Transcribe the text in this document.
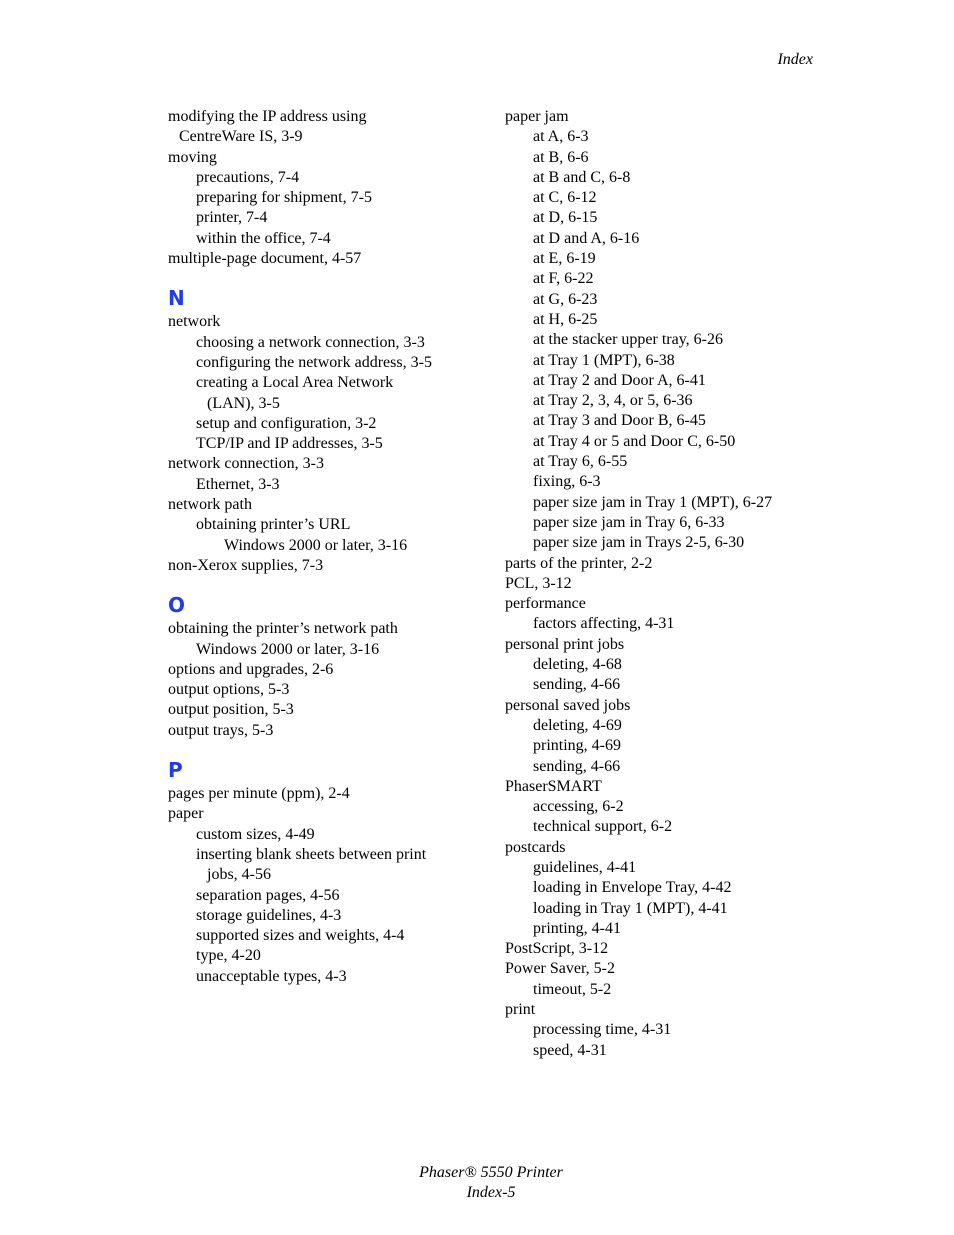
Index
modifying the IP address using
CentreWare IS, 3-9
moving
precautions, 7-4
preparing for shipment, 7-5
printer, 7-4
within the office, 7-4
multiple-page document, 4-57
N
network
choosing a network connection, 3-3
configuring the network address, 3-5
creating a Local Area Network
(LAN), 3-5
setup and configuration, 3-2
TCP/IP and IP addresses, 3-5
network connection, 3-3
Ethernet, 3-3
network path
obtaining printer’s URL
Windows 2000 or later, 3-16
non-Xerox supplies, 7-3
O
obtaining the printer’s network path
Windows 2000 or later, 3-16
options and upgrades, 2-6
output options, 5-3
output position, 5-3
output trays, 5-3
P
pages per minute (ppm), 2-4
paper
custom sizes, 4-49
inserting blank sheets between print
jobs, 4-56
separation pages, 4-56
storage guidelines, 4-3
supported sizes and weights, 4-4
type, 4-20
unacceptable types, 4-3
paper jam
at A, 6-3
at B, 6-6
at B and C, 6-8
at C, 6-12
at D, 6-15
at D and A, 6-16
at E, 6-19
at F, 6-22
at G, 6-23
at H, 6-25
at the stacker upper tray, 6-26
at Tray 1 (MPT), 6-38
at Tray 2 and Door A, 6-41
at Tray 2, 3, 4, or 5, 6-36
at Tray 3 and Door B, 6-45
at Tray 4 or 5 and Door C, 6-50
at Tray 6, 6-55
fixing, 6-3
paper size jam in Tray 1 (MPT), 6-27
paper size jam in Tray 6, 6-33
paper size jam in Trays 2-5, 6-30
parts of the printer, 2-2
PCL, 3-12
performance
factors affecting, 4-31
personal print jobs
deleting, 4-68
sending, 4-66
personal saved jobs
deleting, 4-69
printing, 4-69
sending, 4-66
PhaserSMART
accessing, 6-2
technical support, 6-2
postcards
guidelines, 4-41
loading in Envelope Tray, 4-42
loading in Tray 1 (MPT), 4-41
printing, 4-41
PostScript, 3-12
Power Saver, 5-2
timeout, 5-2
print
processing time, 4-31
speed, 4-31
Phaser® 5550 Printer
Index-5
